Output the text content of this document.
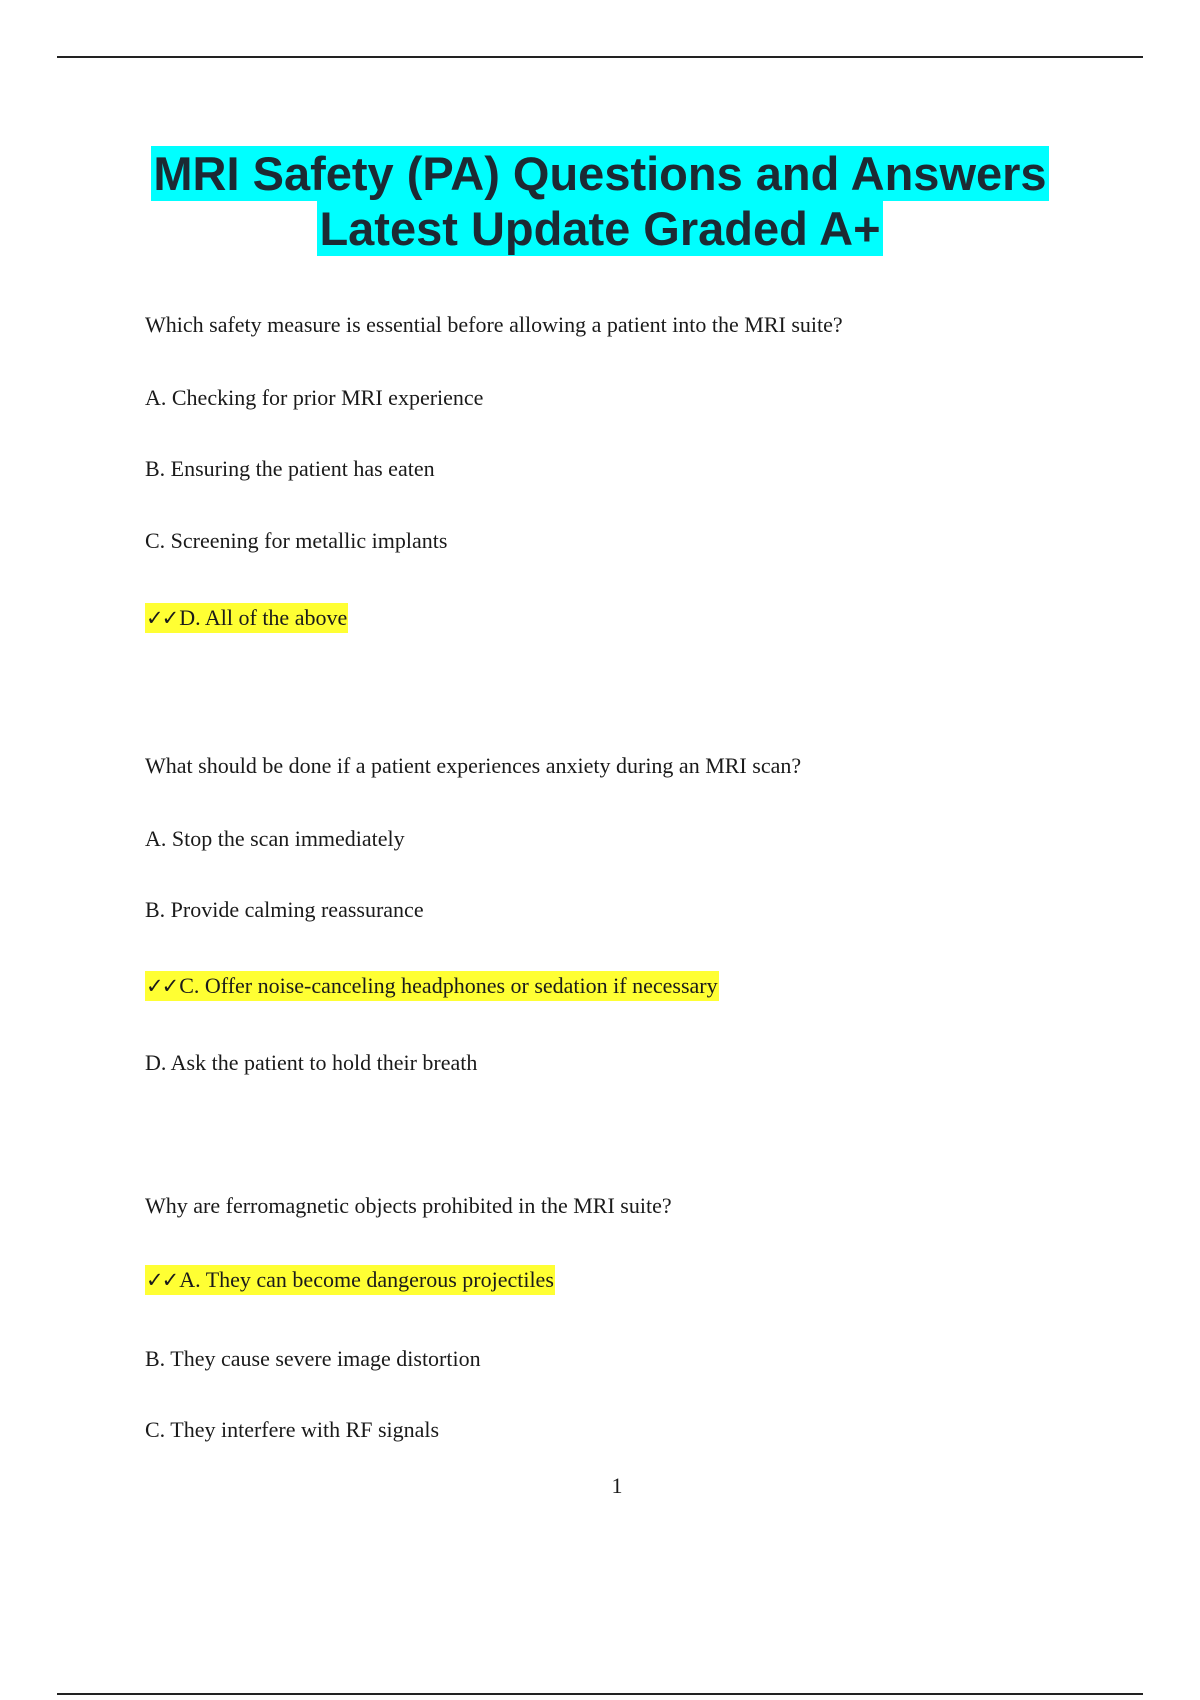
MRI Safety (PA) Questions and Answers
Latest Update Graded A+
Which safety measure is essential before allowing a patient into the MRI suite?
A. Checking for prior MRI experience
B. Ensuring the patient has eaten
C. Screening for metallic implants
✓✓D. All of the above
What should be done if a patient experiences anxiety during an MRI scan?
A. Stop the scan immediately
B. Provide calming reassurance
✓✓C. Offer noise-canceling headphones or sedation if necessary
D. Ask the patient to hold their breath
Why are ferromagnetic objects prohibited in the MRI suite?
✓✓A. They can become dangerous projectiles
B. They cause severe image distortion
C. They interfere with RF signals
1
